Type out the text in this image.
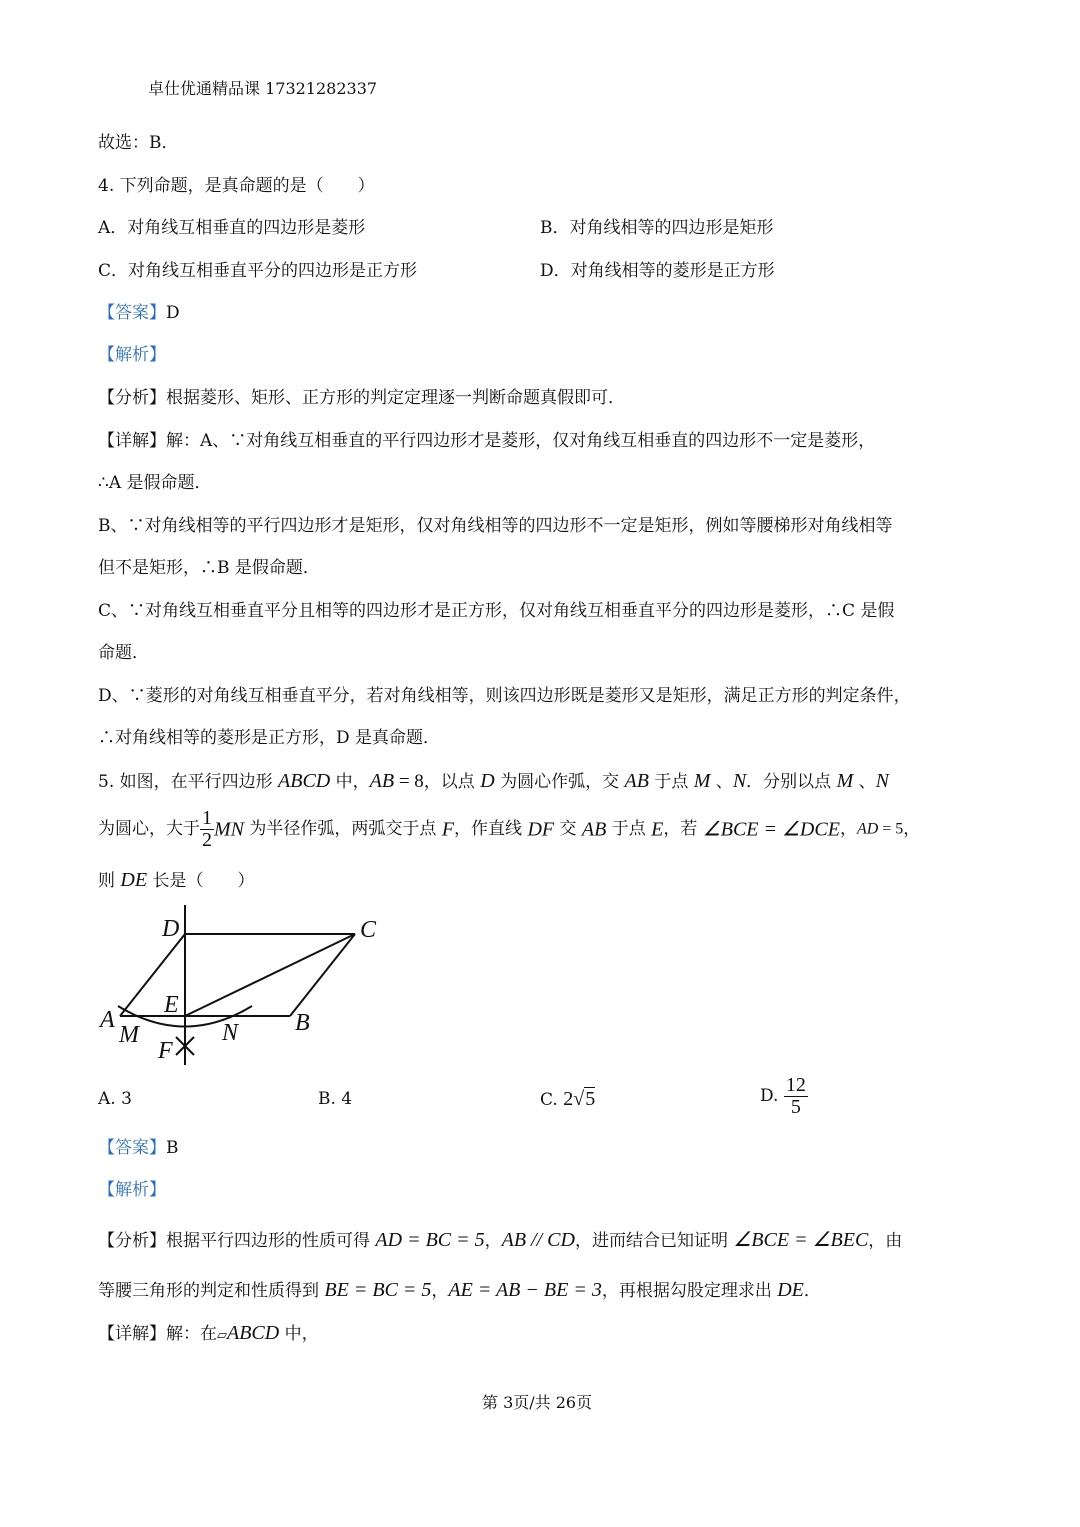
卓仕优通精品课 17321282337
故选：B．
4. 下列命题，是真命题的是（　　）
A．对角线互相垂直的四边形是菱形	B．对角线相等的四边形是矩形
C．对角线互相垂直平分的四边形是正方形	D．对角线相等的菱形是正方形
【答案】D
【解析】
【分析】根据菱形、矩形、正方形的判定定理逐一判断命题真假即可．
【详解】解：A、∵对角线互相垂直的平行四边形才是菱形，仅对角线互相垂直的四边形不一定是菱形，
∴A 是假命题．
B、∵对角线相等的平行四边形才是矩形，仅对角线相等的四边形不一定是矩形，例如等腰梯形对角线相等
但不是矩形，∴B 是假命题．
C、∵对角线互相垂直平分且相等的四边形才是正方形，仅对角线互相垂直平分的四边形是菱形，∴C 是假
命题．
D、∵菱形的对角线互相垂直平分，若对角线相等，则该四边形既是菱形又是矩形，满足正方形的判定条件，
∴对角线相等的菱形是正方形，D 是真命题．
5. 如图，在平行四边形 ABCD 中，AB = 8，以点 D 为圆心作弧，交 AB 于点 M 、N．分别以点 M 、N
为圆心，大于 $\frac{1}{2}$ MN 为半径作弧，两弧交于点 F，作直线 DF 交 AB 于点 E，若 ∠BCE = ∠DCE，AD = 5，
则 DE 长是（　　）
D	C
A
M
E
N B
F
A. 3	B. 4	C. 2√5	D. $\frac{12}{5}$
【答案】B
【解析】
【分析】根据平行四边形的性质可得 AD = BC = 5，AB // CD，进而结合已知证明 ∠BCE = ∠BEC，由
等腰三角形的判定和性质得到 BE = BC = 5，AE = AB − BE = 3，再根据勾股定理求出 DE．
【详解】解：在▱ABCD 中，
第 3页/共 26页
